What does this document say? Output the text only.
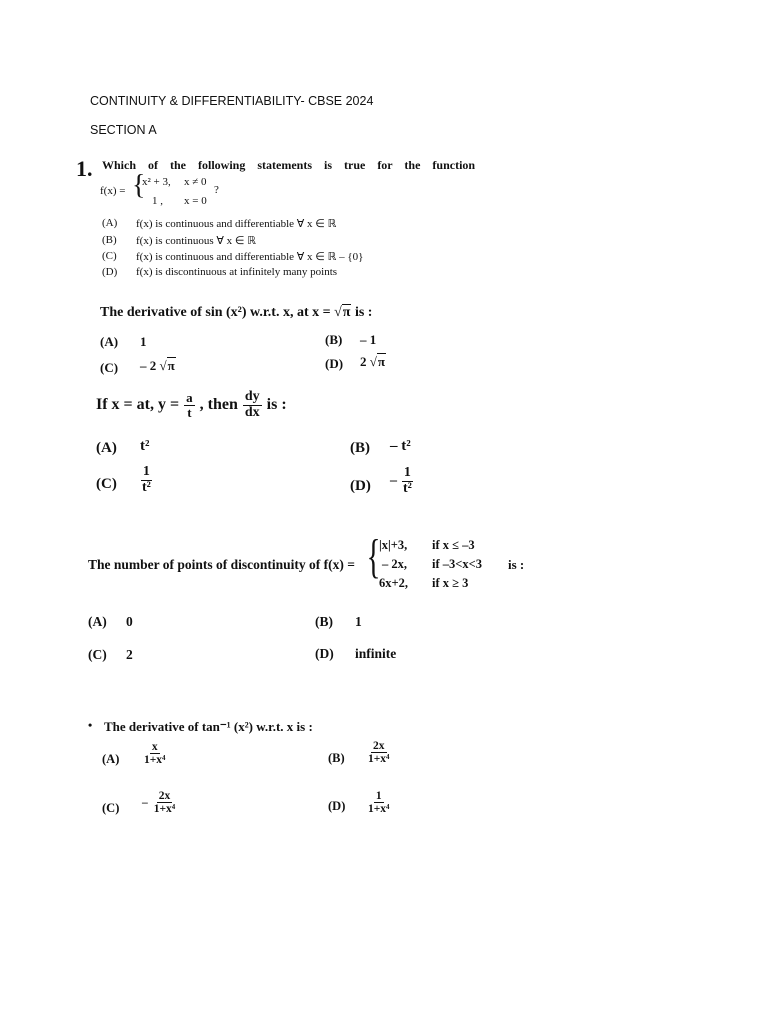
CONTINUITY & DIFFERENTIABILITY- CBSE 2024
SECTION A
1. Which of the following statements is true for the function
f(x) = {
x² + 3, x ≠ 0
1 , x = 0
?
(A) f(x) is continuous and differentiable ∀ x ∈ ℝ
(B) f(x) is continuous ∀ x ∈ ℝ
(C) f(x) is continuous and differentiable ∀ x ∈ ℝ – {0}
(D) f(x) is discontinuous at infinitely many points
The derivative of sin (x²) w.r.t. x, at x = √π is :
(A) 1	(B) – 1
(C) – 2 √π	(D) 2 √π
If x = at, $y = \frac{a}{t}$ , then $\frac{dy}{dx}$ is :
(A) t²	(B) – t²
$(C) \frac{1}{\text{t²}}$	$(D) - \frac{1}{\text{t²}}$
The number of points of discontinuity of f(x) = {
|x|+3, if x ≤ –3
– 2x, if –3<x<3
6x+2, if x ≥ 3
is :
(A) 0	(B) 1
(C) 2	(D) infinite
• The derivative of tan⁻¹ (x²) w.r.t. x is :
$(A) \frac{x}{\text{1+x⁴}}$	$(B) \frac{2x}{\text{1+x⁴}}$
$(C) - \frac{2x}{\text{1+x⁴}}$	$(D) \frac{1}{\text{1+x⁴}}$
